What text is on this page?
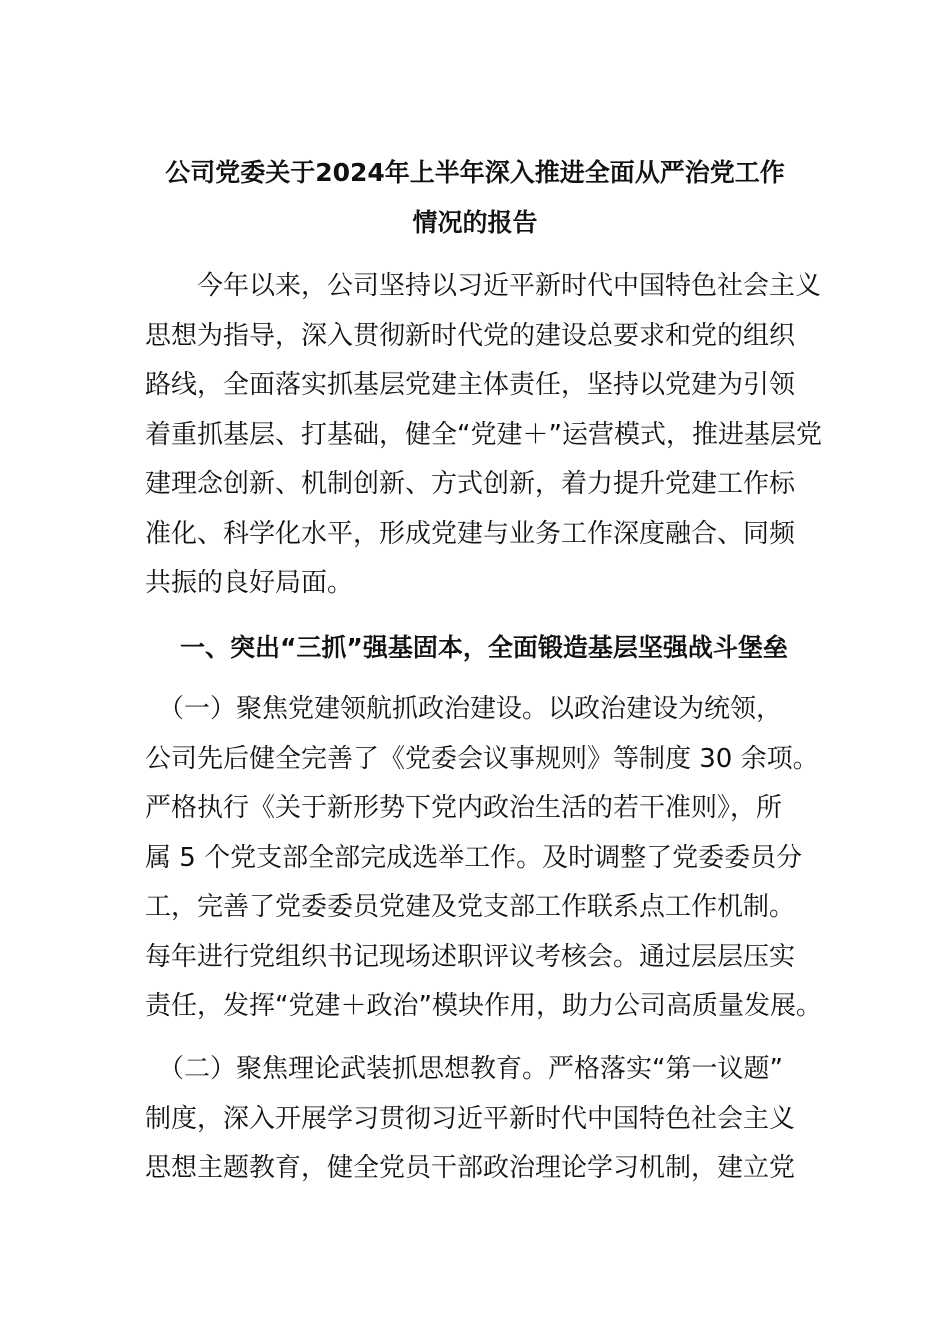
公司党委关于2024年上半年深入推进全面从严治党工作
情况的报告
　　今年以来，公司坚持以习近平新时代中国特色社会主义
思想为指导，深入贯彻新时代党的建设总要求和党的组织
路线，全面落实抓基层党建主体责任，坚持以党建为引领
着重抓基层、打基础，健全“党建＋”运营模式，推进基层党
建理念创新、机制创新、方式创新，着力提升党建工作标
准化、科学化水平，形成党建与业务工作深度融合、同频
共振的良好局面。
一、突出“三抓”强基固本，全面锻造基层坚强战斗堡垒
　（一）聚焦党建领航抓政治建设。以政治建设为统领，
公司先后健全完善了《党委会议事规则》等制度 30 余项。
严格执行《关于新形势下党内政治生活的若干准则》，所
属 5 个党支部全部完成选举工作。及时调整了党委委员分
工，完善了党委委员党建及党支部工作联系点工作机制。
每年进行党组织书记现场述职评议考核会。通过层层压实
责任，发挥“党建＋政治”模块作用，助力公司高质量发展。
　（二）聚焦理论武装抓思想教育。严格落实“第一议题”
制度，深入开展学习贯彻习近平新时代中国特色社会主义
思想主题教育，健全党员干部政治理论学习机制，建立党
